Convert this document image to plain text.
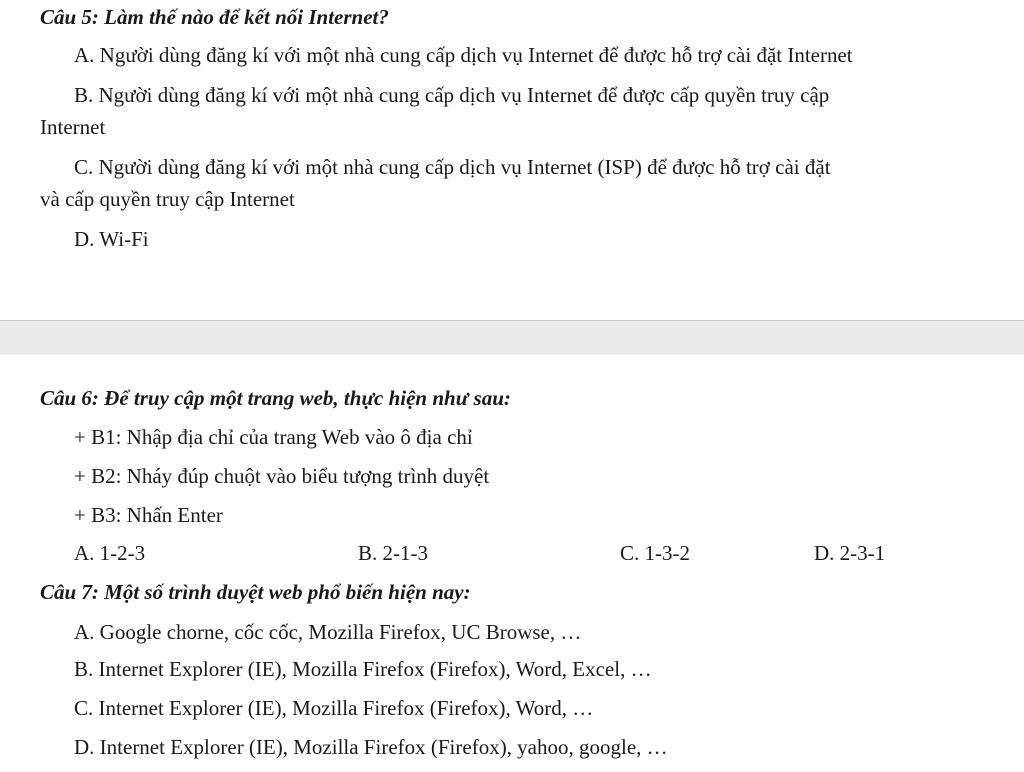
Câu 5: Làm thế nào để kết nối Internet?
A. Người dùng đăng kí với một nhà cung cấp dịch vụ Internet để được hỗ trợ cài đặt Internet
B. Người dùng đăng kí với một nhà cung cấp dịch vụ Internet để được cấp quyền truy cập
Internet
C. Người dùng đăng kí với một nhà cung cấp dịch vụ Internet (ISP) để được hỗ trợ cài đặt
và cấp quyền truy cập Internet
D. Wi-Fi
Câu 6: Để truy cập một trang web, thực hiện như sau:
+ B1: Nhập địa chỉ của trang Web vào ô địa chỉ
+ B2: Nháy đúp chuột vào biểu tượng trình duyệt
+ B3: Nhấn Enter
A. 1-2-3	B. 2-1-3	C. 1-3-2	D. 2-3-1
Câu 7: Một số trình duyệt web phổ biến hiện nay:
A. Google chorne, cốc cốc, Mozilla Firefox, UC Browse, …
B. Internet Explorer (IE), Mozilla Firefox (Firefox), Word, Excel, …
C. Internet Explorer (IE), Mozilla Firefox (Firefox), Word, …
D. Internet Explorer (IE), Mozilla Firefox (Firefox), yahoo, google, …
